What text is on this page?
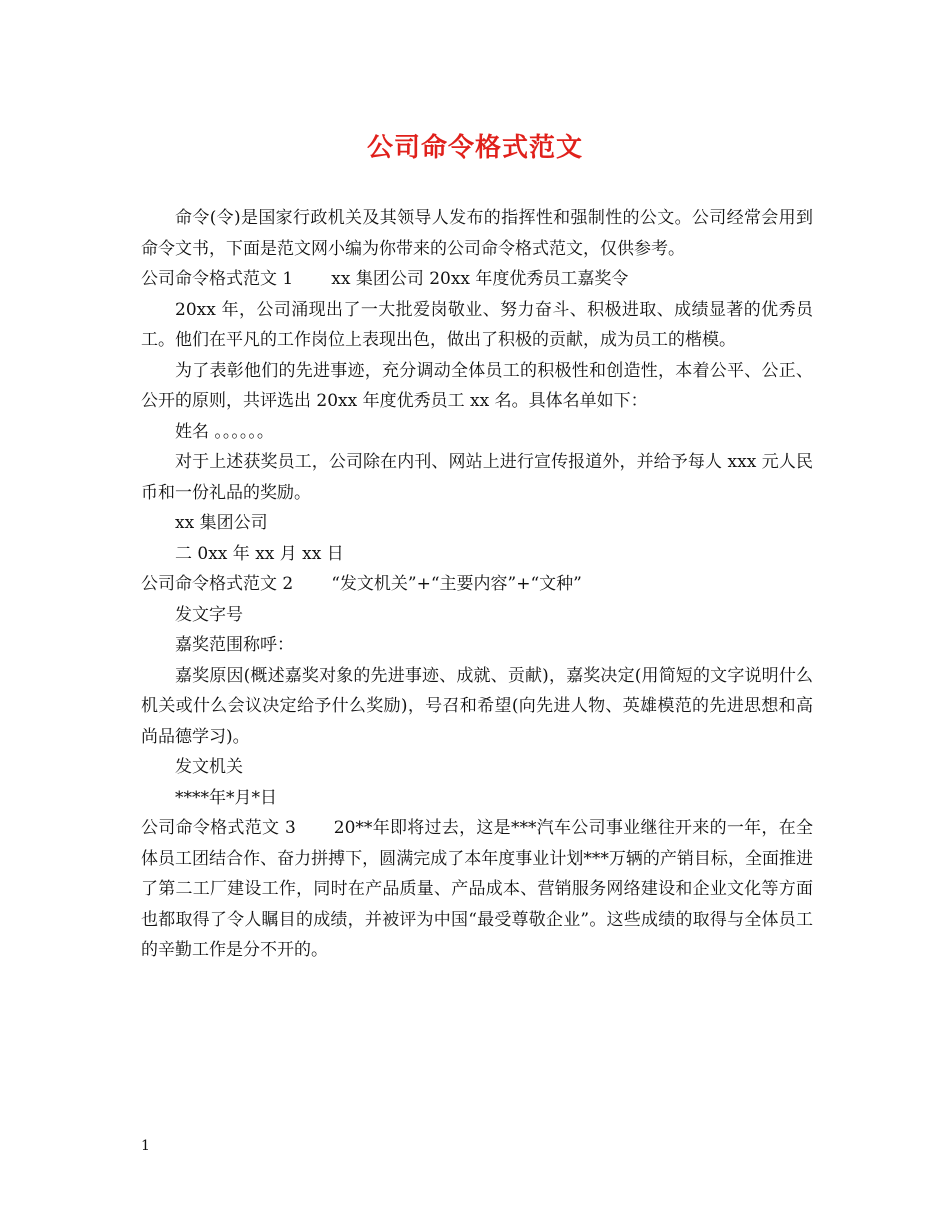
公司命令格式范文

命令(令)是国家行政机关及其领导人发布的指挥性和强制性的公文。公司经常会用到命令文书，下面是范文网小编为你带来的公司命令格式范文，仅供参考。

公司命令格式范文 1 xx 集团公司 20xx 年度优秀员工嘉奖令

20xx 年，公司涌现出了一大批爱岗敬业、努力奋斗、积极进取、成绩显著的优秀员工。他们在平凡的工作岗位上表现出色，做出了积极的贡献，成为员工的楷模。

为了表彰他们的先进事迹，充分调动全体员工的积极性和创造性，本着公平、公正、公开的原则，共评选出 20xx 年度优秀员工 xx 名。具体名单如下：

姓名 。。。。。。

对于上述获奖员工，公司除在内刊、网站上进行宣传报道外，并给予每人 xxx 元人民币和一份礼品的奖励。

xx 集团公司

二 0xx 年 xx 月 xx 日

公司命令格式范文 2 “发文机关”+“主要内容”+“文种”

发文字号

嘉奖范围称呼：

嘉奖原因(概述嘉奖对象的先进事迹、成就、贡献)，嘉奖决定(用简短的文字说明什么机关或什么会议决定给予什么奖励)，号召和希望(向先进人物、英雄模范的先进思想和高尚品德学习)。

发文机关

****年*月*日

公司命令格式范文 3 20**年即将过去，这是***汽车公司事业继往开来的一年，在全体员工团结合作、奋力拼搏下，圆满完成了本年度事业计划***万辆的产销目标，全面推进了第二工厂建设工作，同时在产品质量、产品成本、营销服务网络建设和企业文化等方面也都取得了令人瞩目的成绩，并被评为中国“最受尊敬企业”。这些成绩的取得与全体员工的辛勤工作是分不开的。

1
